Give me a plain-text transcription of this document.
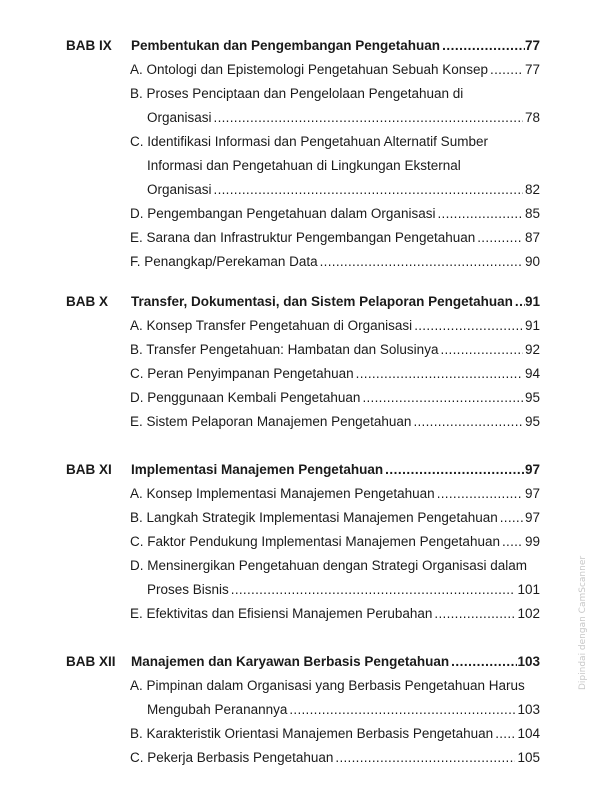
BAB IX Pembentukan dan Pengembangan Pengetahuan .....	77
A. Ontologi dan Epistemologi Pengetahuan Sebuah Konsep .....	77
B. Proses Penciptaan dan Pengelolaan Pengetahuan di
Organisasi .....	78
C. Identifikasi Informasi dan Pengetahuan Alternatif Sumber
Informasi dan Pengetahuan di Lingkungan Eksternal
Organisasi .....	82
D. Pengembangan Pengetahuan dalam Organisasi .....	85
E. Sarana dan Infrastruktur Pengembangan Pengetahuan .....	87
F. Penangkap/Perekaman Data .....	90
BAB X Transfer, Dokumentasi, dan Sistem Pelaporan Pengetahuan ..... 91
A. Konsep Transfer Pengetahuan di Organisasi .....	91
B. Transfer Pengetahuan: Hambatan dan Solusinya .....	92
C. Peran Penyimpanan Pengetahuan .....	94
D. Penggunaan Kembali Pengetahuan .....	95
E. Sistem Pelaporan Manajemen Pengetahuan .....	95
BAB XI Implementasi Manajemen Pengetahuan .....	97
A. Konsep Implementasi Manajemen Pengetahuan .....	97
B. Langkah Strategik Implementasi Manajemen Pengetahuan ..... 97
C. Faktor Pendukung Implementasi Manajemen Pengetahuan ..... 99
D. Mensinergikan Pengetahuan dengan Strategi Organisasi dalam
Proses Bisnis .....	101
E. Efektivitas dan Efisiensi Manajemen Perubahan .....	102
BAB XII Manajemen dan Karyawan Berbasis Pengetahuan .....	103
A. Pimpinan dalam Organisasi yang Berbasis Pengetahuan Harus
Mengubah Peranannya .....	103
B. Karakteristik Orientasi Manajemen Berbasis Pengetahuan ..... 104
C. Pekerja Berbasis Pengetahuan .....	105
Dipindai dengan CamScanner
